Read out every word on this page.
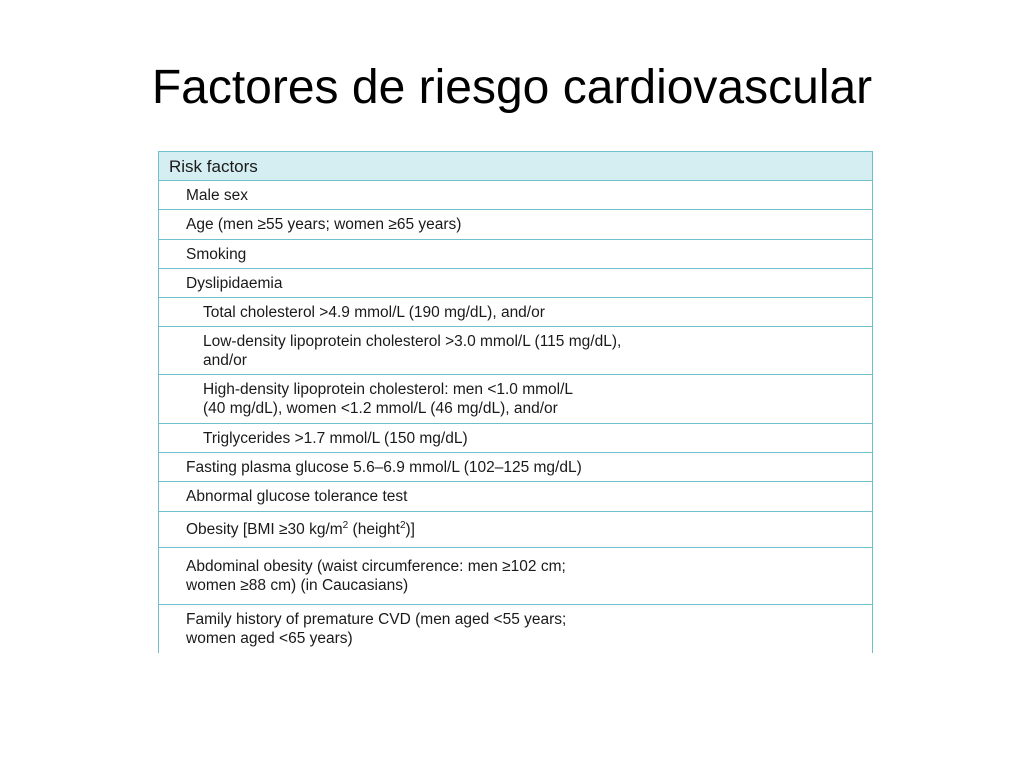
Factores de riesgo cardiovascular
Risk factors
Male sex
Age (men ≥55 years; women ≥65 years)
Smoking
Dyslipidaemia
Total cholesterol >4.9 mmol/L (190 mg/dL), and/or
Low-density lipoprotein cholesterol >3.0 mmol/L (115 mg/dL),
and/or
High-density lipoprotein cholesterol: men <1.0 mmol/L
(40 mg/dL), women <1.2 mmol/L (46 mg/dL), and/or
Triglycerides >1.7 mmol/L (150 mg/dL)
Fasting plasma glucose 5.6–6.9 mmol/L (102–125 mg/dL)
Abnormal glucose tolerance test
Obesity [BMI ≥30 $kg/m^2$ (height$^2$)]
Abdominal obesity (waist circumference: men ≥102 cm;
women ≥88 cm) (in Caucasians)
Family history of premature CVD (men aged <55 years;
women aged <65 years)
